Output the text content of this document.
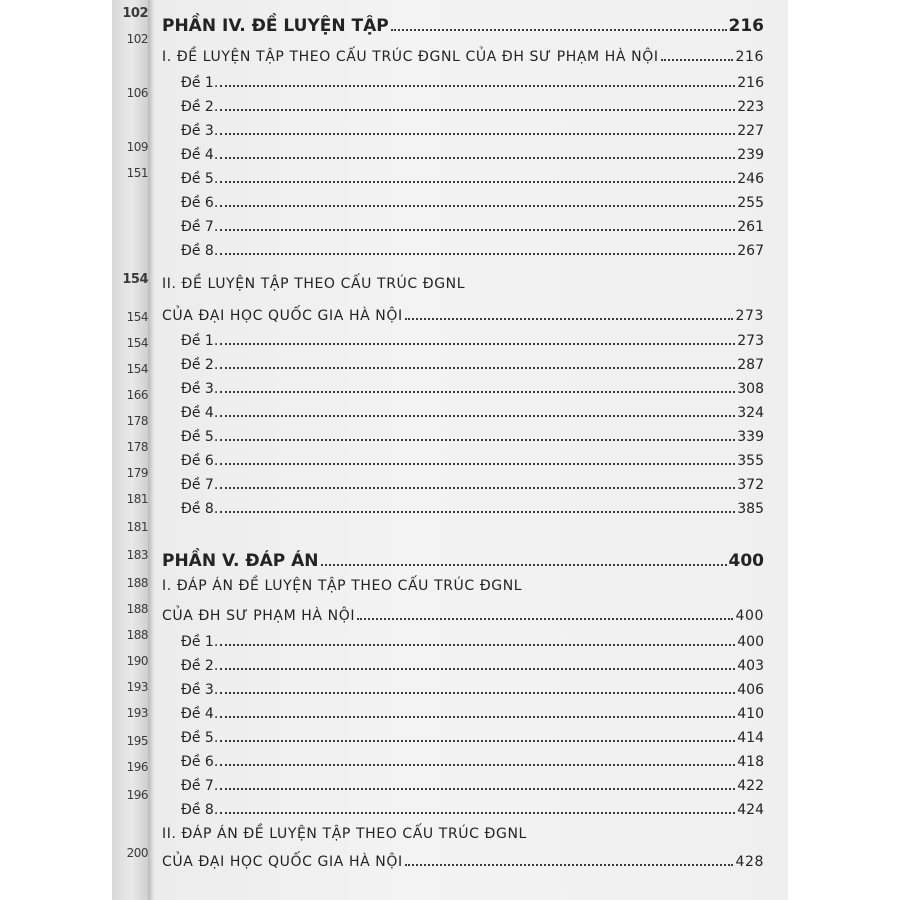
102
102
106
109
151
154
154
154
154
166
178
178
179
181
181
183
188
188
188
190
193
193
195
196
196
200
PHẦN IV. ĐỀ LUYỆN TẬP	216
I. ĐỀ LUYỆN TẬP THEO CẤU TRÚC ĐGNL CỦA ĐH SƯ PHẠM HÀ NỘI	216
Đề 1.	216
Đề 2.	223
Đề 3.	227
Đề 4.	239
Đề 5.	246
Đề 6.	255
Đề 7.	261
Đề 8.	267
II. ĐỀ LUYỆN TẬP THEO CẤU TRÚC ĐGNL
CỦA ĐẠI HỌC QUỐC GIA HÀ NỘI	273
Đề 1.	273
Đề 2.	287
Đề 3.	308
Đề 4.	324
Đề 5.	339
Đề 6.	355
Đề 7.	372
Đề 8.	385
PHẦN V. ĐÁP ÁN	400
I. ĐÁP ÁN ĐỀ LUYỆN TẬP THEO CẤU TRÚC ĐGNL
CỦA ĐH SƯ PHẠM HÀ NỘI	400
Đề 1.	400
Đề 2.	403
Đề 3.	406
Đề 4.	410
Đề 5.	414
Đề 6.	418
Đề 7.	422
Đề 8.	424
II. ĐÁP ÁN ĐỀ LUYỆN TẬP THEO CẤU TRÚC ĐGNL
CỦA ĐẠI HỌC QUỐC GIA HÀ NỘI	428
